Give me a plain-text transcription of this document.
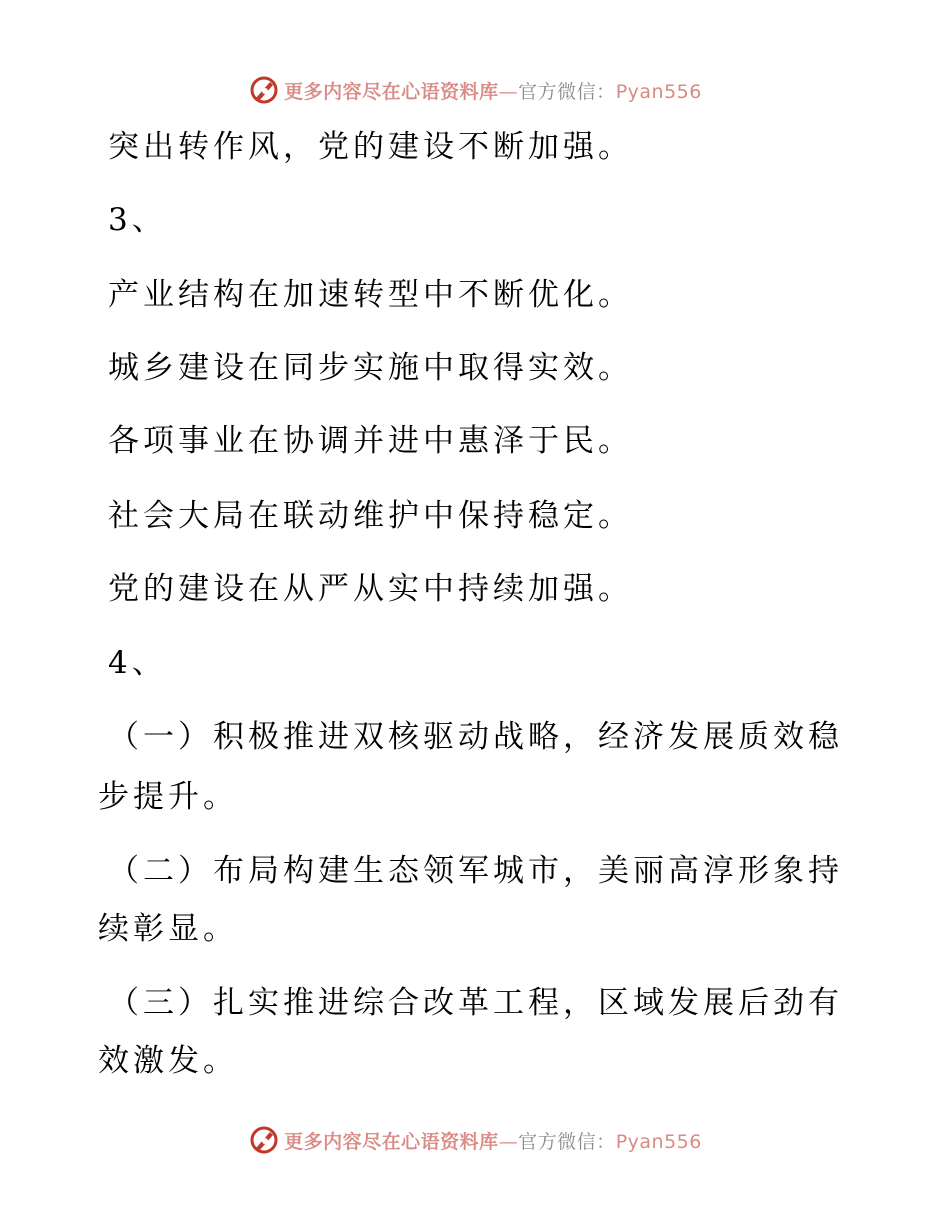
更多内容尽在心语资料库—官方微信：Pyan556
突出转作风，党的建设不断加强。
3、
产业结构在加速转型中不断优化。
城乡建设在同步实施中取得实效。
各项事业在协调并进中惠泽于民。
社会大局在联动维护中保持稳定。
党的建设在从严从实中持续加强。
4、
（一）积极推进双核驱动战略，经济发展质效稳
步提升。
（二）布局构建生态领军城市，美丽高淳形象持
续彰显。
（三）扎实推进综合改革工程，区域发展后劲有
效激发。
更多内容尽在心语资料库—官方微信：Pyan556
